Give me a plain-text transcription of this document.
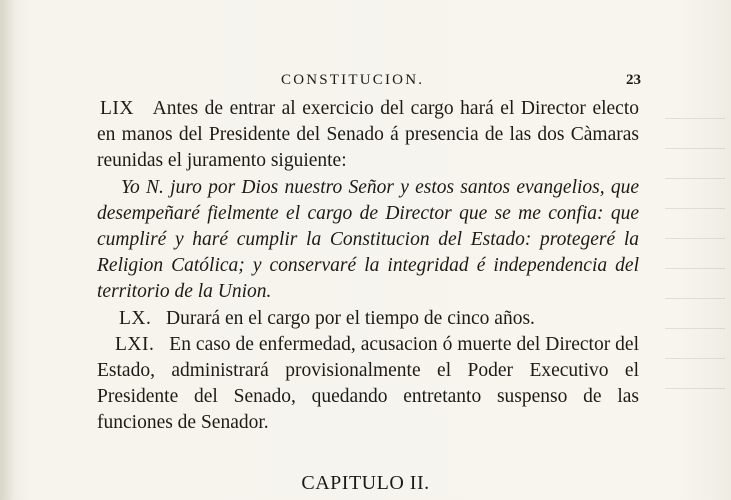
CONSTITUCION.	23

LIX Antes de entrar al exercicio del cargo hará el Director electo en manos del Presidente del Senado á presencia de las dos Càmaras reunidas el juramento siguiente:

Yo N. juro por Dios nuestro Señor y estos santos evangelios, que desempeñaré fielmente el cargo de Director que se me confia: que cumpliré y haré cumplir la Constitucion del Estado: protegeré la Religion Católica; y conservaré la integridad é independencia del territorio de la Union.

LX. Durará en el cargo por el tiempo de cinco años.

LXI. En caso de enfermedad, acusacion ó muerte del Director del Estado, administrará provisionalmente el Poder Executivo el Presidente del Senado, quedando entretanto suspenso de las funciones de Senador.

CAPITULO II.
